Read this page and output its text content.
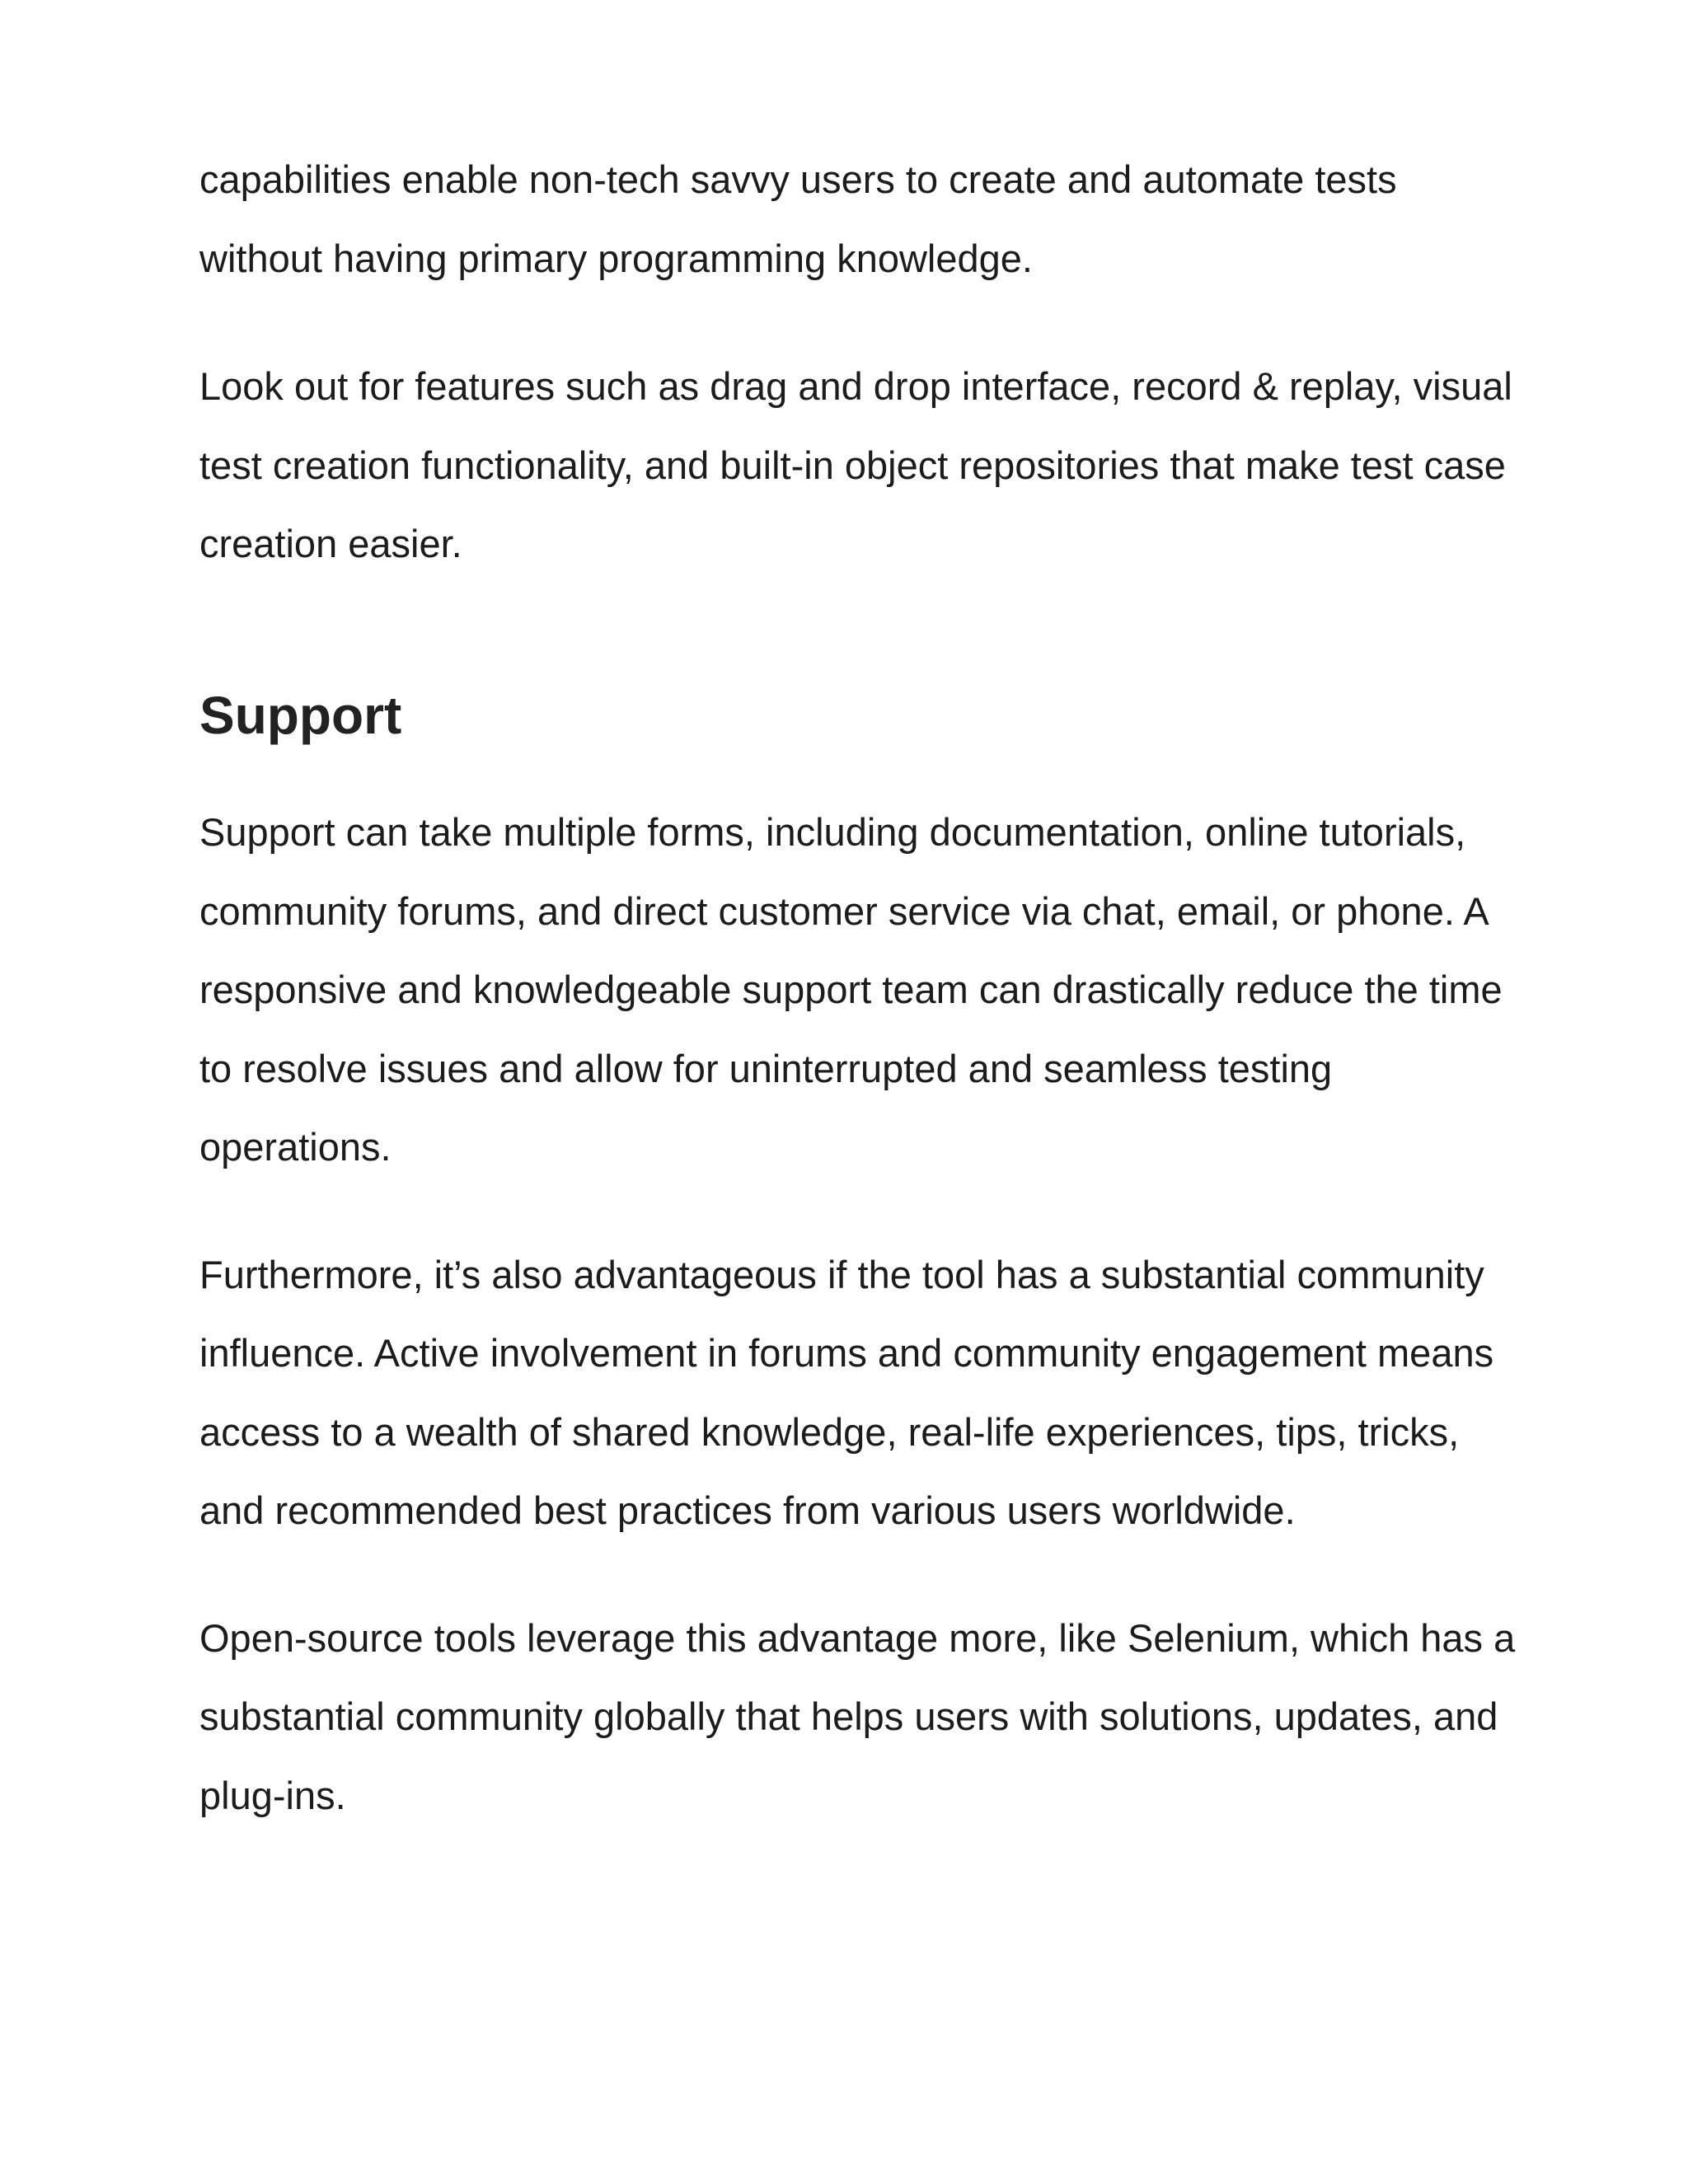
capabilities enable non-tech savvy users to create and automate tests without having primary programming knowledge.

Look out for features such as drag and drop interface, record & replay, visual test creation functionality, and built-in object repositories that make test case creation easier.

Support

Support can take multiple forms, including documentation, online tutorials, community forums, and direct customer service via chat, email, or phone. A responsive and knowledgeable support team can drastically reduce the time to resolve issues and allow for uninterrupted and seamless testing operations.

Furthermore, it’s also advantageous if the tool has a substantial community influence. Active involvement in forums and community engagement means access to a wealth of shared knowledge, real-life experiences, tips, tricks, and recommended best practices from various users worldwide.

Open-source tools leverage this advantage more, like Selenium, which has a substantial community globally that helps users with solutions, updates, and plug-ins.
